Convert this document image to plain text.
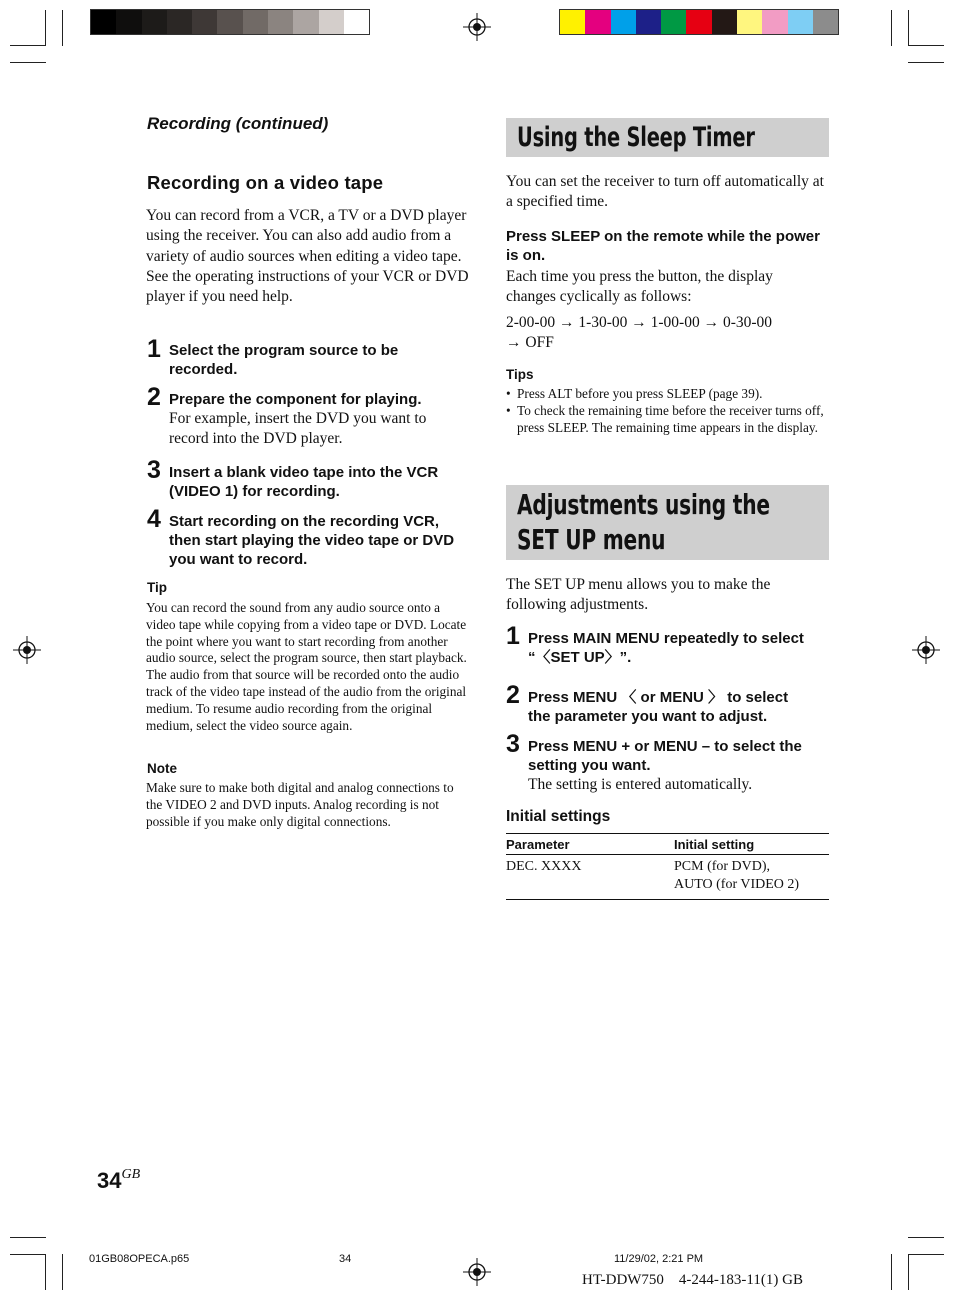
Recording (continued)
Recording on a video tape
You can record from a VCR, a TV or a DVD player using the receiver. You can also add audio from a variety of audio sources when editing a video tape. See the operating instructions of your VCR or DVD player if you need help.
1 Select the program source to be recorded.
2 Prepare the component for playing.
For example, insert the DVD you want to record into the DVD player.
3 Insert a blank video tape into the VCR (VIDEO 1) for recording.
4 Start recording on the recording VCR, then start playing the video tape or DVD you want to record.
Tip
You can record the sound from any audio source onto a video tape while copying from a video tape or DVD. Locate the point where you want to start recording from another audio source, select the program source, then start playback. The audio from that source will be recorded onto the audio track of the video tape instead of the audio from the original medium. To resume audio recording from the original medium, select the video source again.
Note
Make sure to make both digital and analog connections to the VIDEO 2 and DVD inputs. Analog recording is not possible if you make only digital connections.
Using the Sleep Timer
You can set the receiver to turn off automatically at a specified time.
Press SLEEP on the remote while the power is on.
Each time you press the button, the display changes cyclically as follows:
2-00-00 → 1-30-00 → 1-00-00 → 0-30-00
→ OFF
Tips
• Press ALT before you press SLEEP (page 39).
• To check the remaining time before the receiver turns off, press SLEEP. The remaining time appears in the display.
Adjustments using the
SET UP menu
The SET UP menu allows you to make the following adjustments.
1 Press MAIN MENU repeatedly to select
“〈SET UP〉”.
2 Press MENU 〈 or MENU 〉 to select
the parameter you want to adjust.
3 Press MENU + or MENU – to select the
setting you want.
The setting is entered automatically.
Initial settings
Parameter	Initial setting
DEC. XXXX	PCM (for DVD),
AUTO (for VIDEO 2)
34GB
01GB08OPECA.p65	34	11/29/02, 2:21 PM
HT-DDW750    4-244-183-11(1) GB
